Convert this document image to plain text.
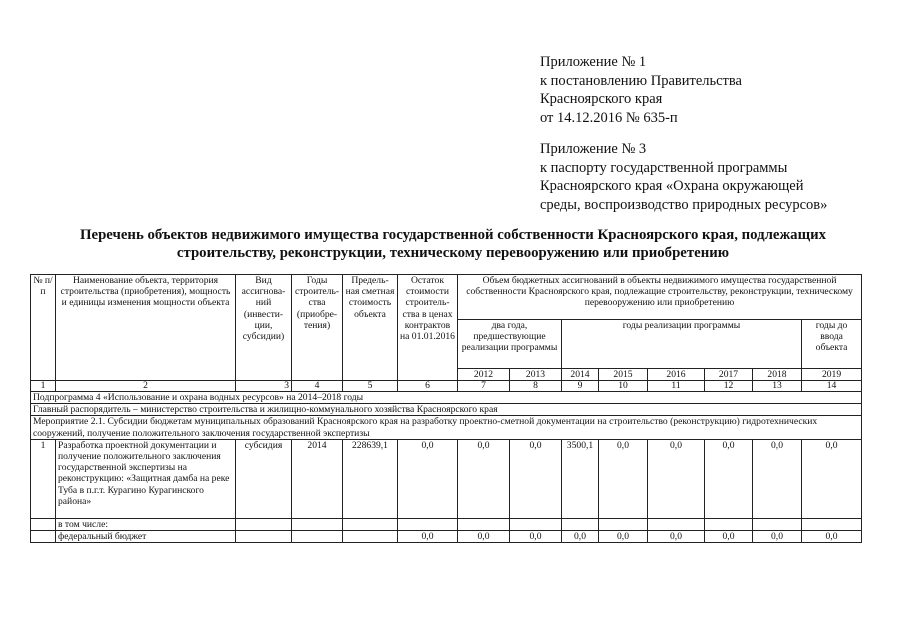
Приложение № 1
к постановлению Правительства
Красноярского края
от 14.12.2016 № 635-п
Приложение № 3
к паспорту государственной программы
Красноярского края «Охрана окружающей
среды, воспроизводство природных ресурсов»
Перечень объектов недвижимого имущества государственной собственности Красноярского края, подлежащих
строительству, реконструкции, техническому перевооружению или приобретению
№ п/п	Наименование объекта, территория строительства (приобретения), мощность и единицы изменения мощности объекта	Вид ассигнова-ний (инвести-ции, субсидии)	Годы строитель-ства (приобре-тения)	Предель-ная сметная стоимость объекта	Остаток стоимости строитель-ства в ценах контрактов на 01.01.2016	Объем бюджетных ассигнований в объекты недвижимого имущества государственной собственности Красноярского края, подлежащие строительству, реконструкции, техническому перевооружению или приобретению							
						два года, предшествующие реализации программы		годы реализации программы					годы до ввода объекта
						2012	2013	2014	2015	2016	2017	2018	2019
1	2	3	4	5	6	7	8	9	10	11	12	13	14
Подпрограмма 4 «Использование и охрана водных ресурсов» на 2014–2018 годы													
Главный распорядитель – министерство строительства и жилищно-коммунального хозяйства Красноярского края													
Мероприятие 2.1. Субсидии бюджетам муниципальных образований Красноярского края на разработку проектно-сметной документации на строительство (реконструкцию) гидротехнических сооружений, получение положительного заключения государственной экспертизы													
1	Разработка проектной документации и получение положительного заключения государственной экспертизы на реконструкцию: «Защитная дамба на реке Туба в п.г.т. Курагино Курагинского района»	субсидия	2014	228639,1	0,0	0,0	0,0	3500,1	0,0	0,0	0,0	0,0	0,0
	в том числе:												
	федеральный бюджет				0,0	0,0	0,0	0,0	0,0	0,0	0,0	0,0	0,0
